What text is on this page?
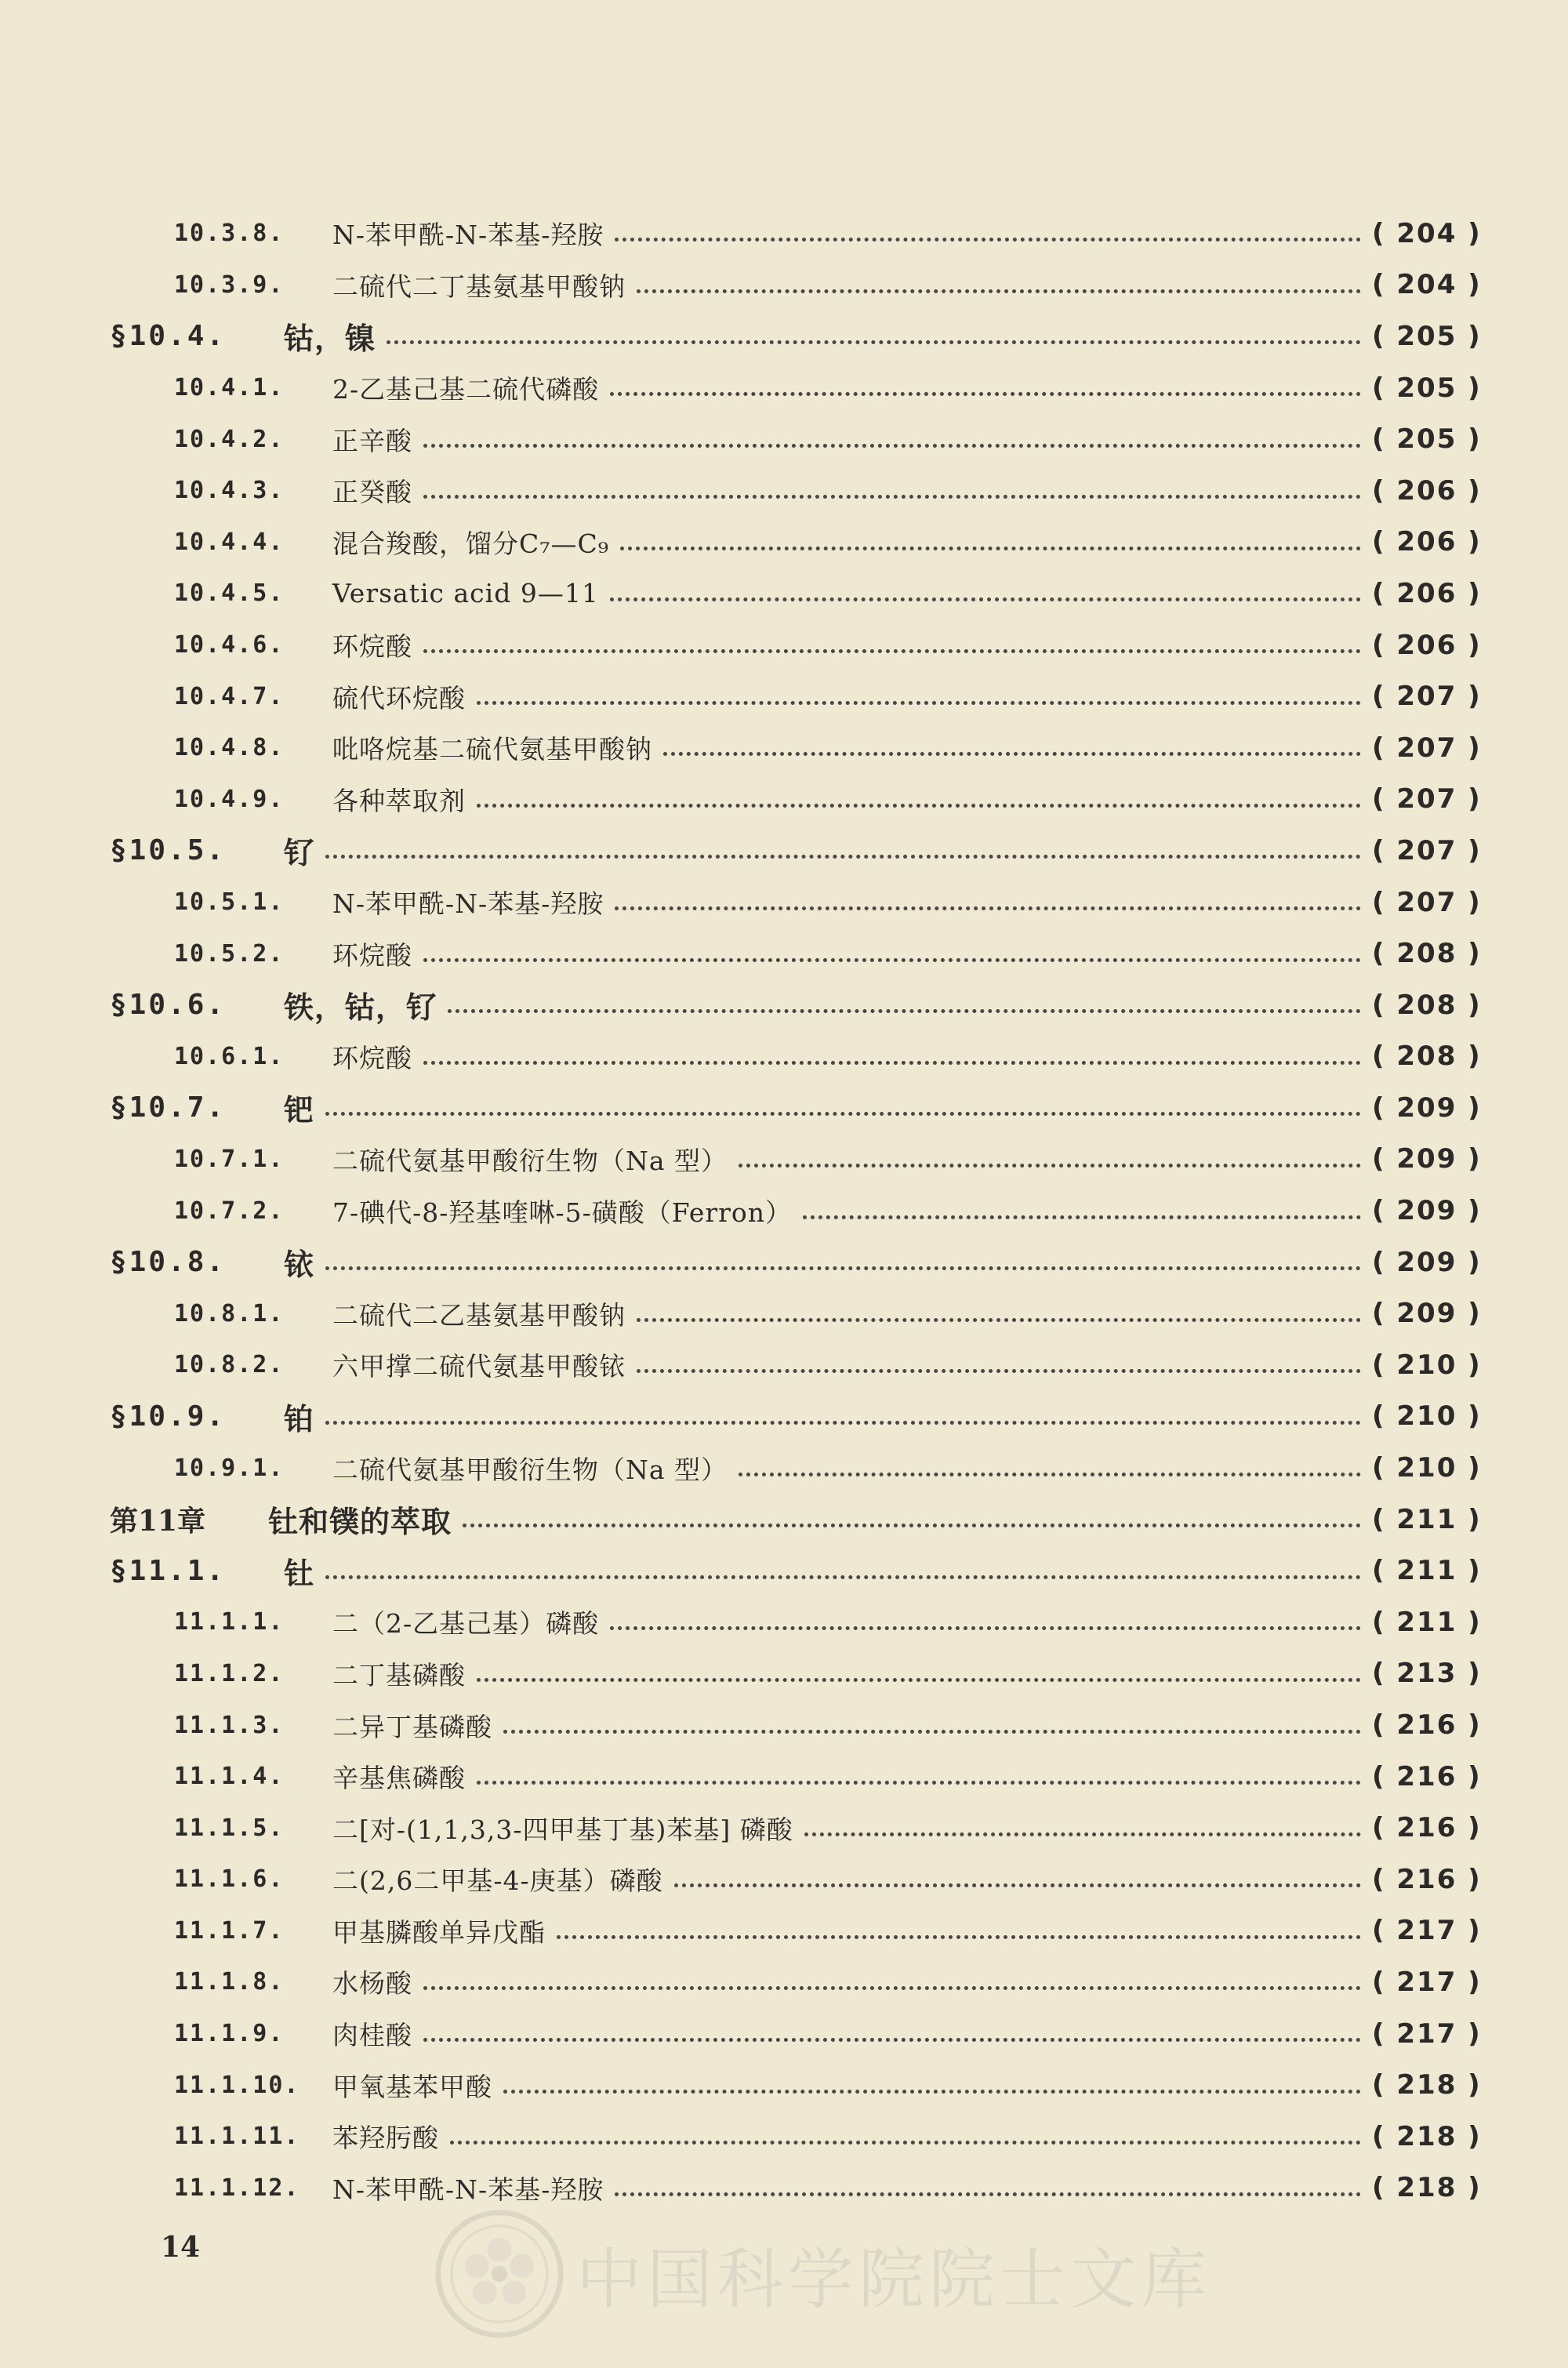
10.3.8.	N-苯甲酰-N-苯基-羟胺	( 204 )
10.3.9.	二硫代二丁基氨基甲酸钠	( 204 )
§10.4.	钴，镍	( 205 )
10.4.1.	2-乙基己基二硫代磷酸	( 205 )
10.4.2.	正辛酸	( 205 )
10.4.3.	正癸酸	( 206 )
10.4.4.	混合羧酸，馏分C₇—C₉	( 206 )
10.4.5.	Versatic acid 9—11	( 206 )
10.4.6.	环烷酸	( 206 )
10.4.7.	硫代环烷酸	( 207 )
10.4.8.	吡咯烷基二硫代氨基甲酸钠	( 207 )
10.4.9.	各种萃取剂	( 207 )
§10.5.	钌	( 207 )
10.5.1.	N-苯甲酰-N-苯基-羟胺	( 207 )
10.5.2.	环烷酸	( 208 )
§10.6.	铁，钴，钌	( 208 )
10.6.1.	环烷酸	( 208 )
§10.7.	钯	( 209 )
10.7.1.	二硫代氨基甲酸衍生物（Na 型）	( 209 )
10.7.2.	7-碘代-8-羟基喹啉-5-磺酸（Ferron）	( 209 )
§10.8.	铱	( 209 )
10.8.1.	二硫代二乙基氨基甲酸钠	( 209 )
10.8.2.	六甲撑二硫代氨基甲酸铱	( 210 )
§10.9.	铂	( 210 )
10.9.1.	二硫代氨基甲酸衍生物（Na 型）	( 210 )
第11章	钍和镤的萃取	( 211 )
§11.1.	钍	( 211 )
11.1.1.	二（2-乙基己基）磷酸	( 211 )
11.1.2.	二丁基磷酸	( 213 )
11.1.3.	二异丁基磷酸	( 216 )
11.1.4.	辛基焦磷酸	( 216 )
11.1.5.	二[对-(1,1,3,3-四甲基丁基)苯基] 磷酸	( 216 )
11.1.6.	二(2,6二甲基-4-庚基）磷酸	( 216 )
11.1.7.	甲基膦酸单异戊酯	( 217 )
11.1.8.	水杨酸	( 217 )
11.1.9.	肉桂酸	( 217 )
11.1.10.	甲氧基苯甲酸	( 218 )
11.1.11.	苯羟肟酸	( 218 )
11.1.12.	N-苯甲酰-N-苯基-羟胺	( 218 )
14	中国科学院院士文库
